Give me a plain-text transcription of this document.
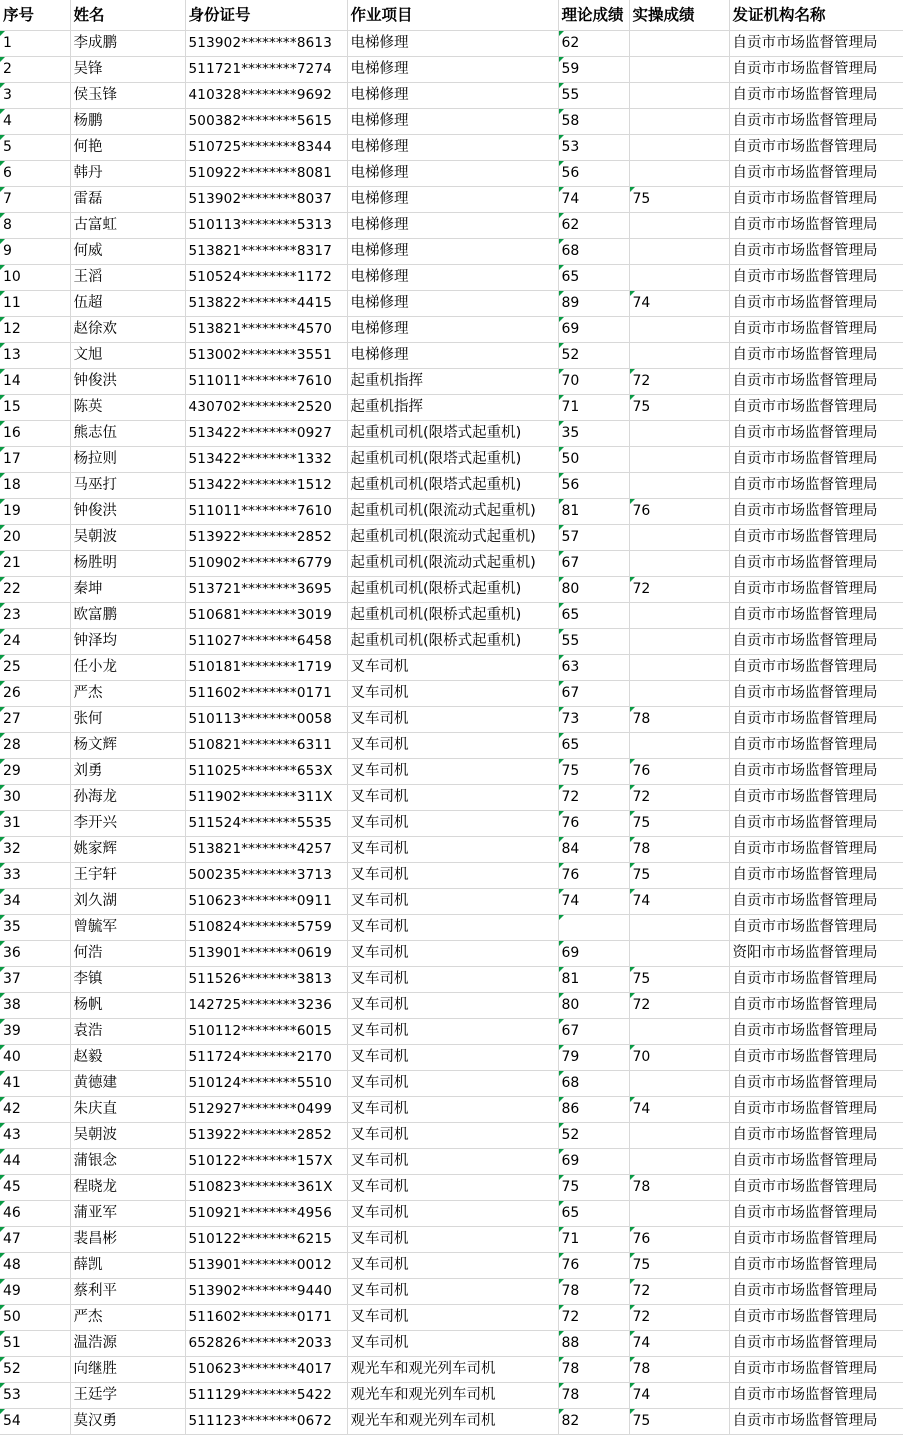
序号	姓名	身份证号	作业项目	理论成绩	实操成绩	发证机构名称
1	李成鹏	513902********8613	电梯修理	62		自贡市市场监督管理局
2	吴锋	511721********7274	电梯修理	59		自贡市市场监督管理局
3	侯玉锋	410328********9692	电梯修理	55		自贡市市场监督管理局
4	杨鹏	500382********5615	电梯修理	58		自贡市市场监督管理局
5	何艳	510725********8344	电梯修理	53		自贡市市场监督管理局
6	韩丹	510922********8081	电梯修理	56		自贡市市场监督管理局
7	雷磊	513902********8037	电梯修理	74	75	自贡市市场监督管理局
8	古富虹	510113********5313	电梯修理	62		自贡市市场监督管理局
9	何威	513821********8317	电梯修理	68		自贡市市场监督管理局
10	王滔	510524********1172	电梯修理	65		自贡市市场监督管理局
11	伍超	513822********4415	电梯修理	89	74	自贡市市场监督管理局
12	赵徐欢	513821********4570	电梯修理	69		自贡市市场监督管理局
13	文旭	513002********3551	电梯修理	52		自贡市市场监督管理局
14	钟俊洪	511011********7610	起重机指挥	70	72	自贡市市场监督管理局
15	陈英	430702********2520	起重机指挥	71	75	自贡市市场监督管理局
16	熊志伍	513422********0927	起重机司机(限塔式起重机)	35		自贡市市场监督管理局
17	杨拉则	513422********1332	起重机司机(限塔式起重机)	50		自贡市市场监督管理局
18	马巫打	513422********1512	起重机司机(限塔式起重机)	56		自贡市市场监督管理局
19	钟俊洪	511011********7610	起重机司机(限流动式起重机)	81	76	自贡市市场监督管理局
20	吴朝波	513922********2852	起重机司机(限流动式起重机)	57		自贡市市场监督管理局
21	杨胜明	510902********6779	起重机司机(限流动式起重机)	67		自贡市市场监督管理局
22	秦坤	513721********3695	起重机司机(限桥式起重机)	80	72	自贡市市场监督管理局
23	欧富鹏	510681********3019	起重机司机(限桥式起重机)	65		自贡市市场监督管理局
24	钟泽均	511027********6458	起重机司机(限桥式起重机)	55		自贡市市场监督管理局
25	任小龙	510181********1719	叉车司机	63		自贡市市场监督管理局
26	严杰	511602********0171	叉车司机	67		自贡市市场监督管理局
27	张何	510113********0058	叉车司机	73	78	自贡市市场监督管理局
28	杨文辉	510821********6311	叉车司机	65		自贡市市场监督管理局
29	刘勇	511025********653X	叉车司机	75	76	自贡市市场监督管理局
30	孙海龙	511902********311X	叉车司机	72	72	自贡市市场监督管理局
31	李开兴	511524********5535	叉车司机	76	75	自贡市市场监督管理局
32	姚家辉	513821********4257	叉车司机	84	78	自贡市市场监督管理局
33	王宇轩	500235********3713	叉车司机	76	75	自贡市市场监督管理局
34	刘久湖	510623********0911	叉车司机	74	74	自贡市市场监督管理局
35	曾毓军	510824********5759	叉车司机			自贡市市场监督管理局
36	何浩	513901********0619	叉车司机	69		资阳市市场监督管理局
37	李镇	511526********3813	叉车司机	81	75	自贡市市场监督管理局
38	杨帆	142725********3236	叉车司机	80	72	自贡市市场监督管理局
39	袁浩	510112********6015	叉车司机	67		自贡市市场监督管理局
40	赵毅	511724********2170	叉车司机	79	70	自贡市市场监督管理局
41	黄德建	510124********5510	叉车司机	68		自贡市市场监督管理局
42	朱庆直	512927********0499	叉车司机	86	74	自贡市市场监督管理局
43	吴朝波	513922********2852	叉车司机	52		自贡市市场监督管理局
44	蒲银念	510122********157X	叉车司机	69		自贡市市场监督管理局
45	程晓龙	510823********361X	叉车司机	75	78	自贡市市场监督管理局
46	蒲亚军	510921********4956	叉车司机	65		自贡市市场监督管理局
47	裴昌彬	510122********6215	叉车司机	71	76	自贡市市场监督管理局
48	薛凯	513901********0012	叉车司机	76	75	自贡市市场监督管理局
49	蔡利平	513902********9440	叉车司机	78	72	自贡市市场监督管理局
50	严杰	511602********0171	叉车司机	72	72	自贡市市场监督管理局
51	温浩源	652826********2033	叉车司机	88	74	自贡市市场监督管理局
52	向继胜	510623********4017	观光车和观光列车司机	78	78	自贡市市场监督管理局
53	王廷学	511129********5422	观光车和观光列车司机	78	74	自贡市市场监督管理局
54	莫汉勇	511123********0672	观光车和观光列车司机	82	75	自贡市市场监督管理局
